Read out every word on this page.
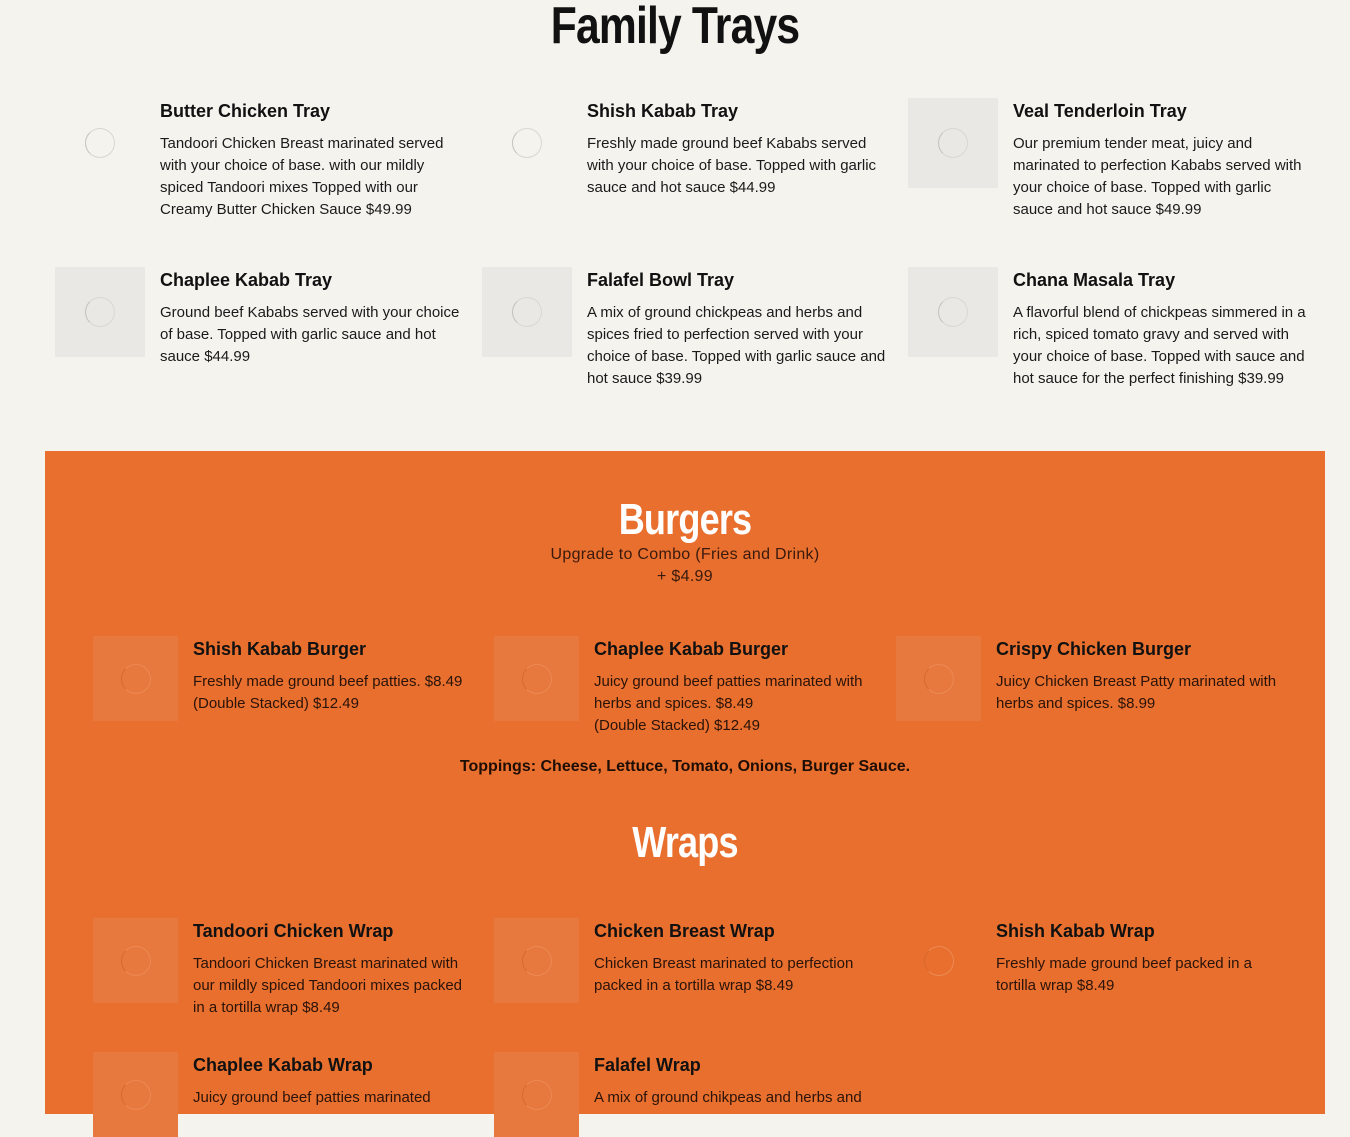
Family Trays
Butter Chicken Tray
Tandoori Chicken Breast marinated served with your choice of base. with our mildly spiced Tandoori mixes Topped with our Creamy Butter Chicken Sauce $49.99
Shish Kabab Tray
Freshly made ground beef Kababs served with your choice of base. Topped with garlic sauce and hot sauce $44.99
Veal Tenderloin Tray
Our premium tender meat, juicy and marinated to perfection Kababs served with your choice of base. Topped with garlic sauce and hot sauce $49.99
Chaplee Kabab Tray
Ground beef Kababs served with your choice of base. Topped with garlic sauce and hot sauce $44.99
Falafel Bowl Tray
A mix of ground chickpeas and herbs and spices fried to perfection served with your choice of base. Topped with garlic sauce and hot sauce $39.99
Chana Masala Tray
A flavorful blend of chickpeas simmered in a rich, spiced tomato gravy and served with your choice of base. Topped with sauce and hot sauce for the perfect finishing $39.99
Burgers
Upgrade to Combo (Fries and Drink)
+ $4.99
Shish Kabab Burger
Freshly made ground beef patties. $8.49
(Double Stacked) $12.49
Chaplee Kabab Burger
Juicy ground beef patties marinated with herbs and spices. $8.49
(Double Stacked) $12.49
Crispy Chicken Burger
Juicy Chicken Breast Patty marinated with herbs and spices. $8.99
Toppings: Cheese, Lettuce, Tomato, Onions, Burger Sauce.
Wraps
Tandoori Chicken Wrap
Tandoori Chicken Breast marinated with our mildly spiced Tandoori mixes packed in a tortilla wrap $8.49
Chicken Breast Wrap
Chicken Breast marinated to perfection packed in a tortilla wrap $8.49
Shish Kabab Wrap
Freshly made ground beef packed in a tortilla wrap $8.49
Chaplee Kabab Wrap
Juicy ground beef patties marinated
Falafel Wrap
A mix of ground chikpeas and herbs and
